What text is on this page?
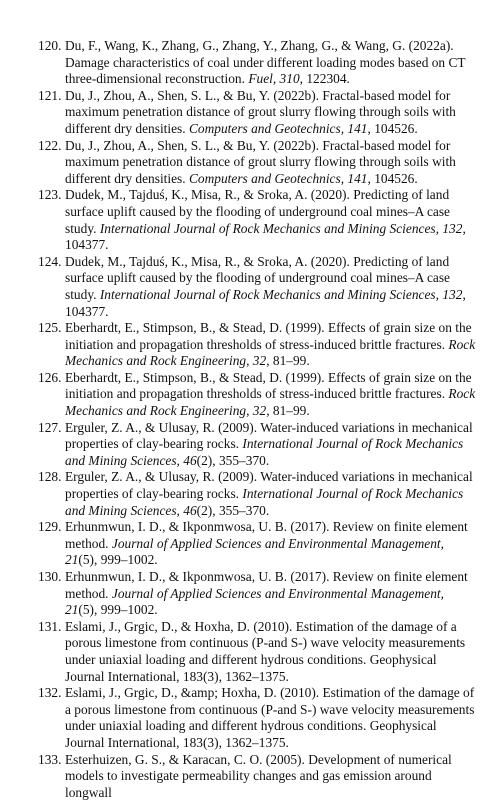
120. Du, F., Wang, K., Zhang, G., Zhang, Y., Zhang, G., & Wang, G. (2022a). Damage characteristics of coal under different loading modes based on CT three-dimensional reconstruction. Fuel, 310, 122304.

121. Du, J., Zhou, A., Shen, S. L., & Bu, Y. (2022b). Fractal-based model for maximum penetration distance of grout slurry flowing through soils with different dry densities. Computers and Geotechnics, 141, 104526.

122. Du, J., Zhou, A., Shen, S. L., & Bu, Y. (2022b). Fractal-based model for maximum penetration distance of grout slurry flowing through soils with different dry densities. Computers and Geotechnics, 141, 104526.

123. Dudek, M., Tajduś, K., Misa, R., & Sroka, A. (2020). Predicting of land surface uplift caused by the flooding of underground coal mines–A case study. International Journal of Rock Mechanics and Mining Sciences, 132, 104377.

124. Dudek, M., Tajduś, K., Misa, R., & Sroka, A. (2020). Predicting of land surface uplift caused by the flooding of underground coal mines–A case study. International Journal of Rock Mechanics and Mining Sciences, 132, 104377.

125. Eberhardt, E., Stimpson, B., & Stead, D. (1999). Effects of grain size on the initiation and propagation thresholds of stress-induced brittle fractures. Rock Mechanics and Rock Engineering, 32, 81–99.

126. Eberhardt, E., Stimpson, B., & Stead, D. (1999). Effects of grain size on the initiation and propagation thresholds of stress-induced brittle fractures. Rock Mechanics and Rock Engineering, 32, 81–99.

127. Erguler, Z. A., & Ulusay, R. (2009). Water-induced variations in mechanical properties of clay-bearing rocks. International Journal of Rock Mechanics and Mining Sciences, 46(2), 355–370.

128. Erguler, Z. A., & Ulusay, R. (2009). Water-induced variations in mechanical properties of clay-bearing rocks. International Journal of Rock Mechanics and Mining Sciences, 46(2), 355–370.

129. Erhunmwun, I. D., & Ikponmwosa, U. B. (2017). Review on finite element method. Journal of Applied Sciences and Environmental Management, 21(5), 999–1002.

130. Erhunmwun, I. D., & Ikponmwosa, U. B. (2017). Review on finite element method. Journal of Applied Sciences and Environmental Management, 21(5), 999–1002.

131. Eslami, J., Grgic, D., & Hoxha, D. (2010). Estimation of the damage of a porous limestone from continuous (P-and S-) wave velocity measurements under uniaxial loading and different hydrous conditions. Geophysical Journal International, 183(3), 1362–1375.

132. Eslami, J., Grgic, D., &amp; Hoxha, D. (2010). Estimation of the damage of a porous limestone from continuous (P-and S-) wave velocity measurements under uniaxial loading and different hydrous conditions. Geophysical Journal International, 183(3), 1362–1375.

133. Esterhuizen, G. S., & Karacan, C. O. (2005). Development of numerical models to investigate permeability changes and gas emission around longwall
